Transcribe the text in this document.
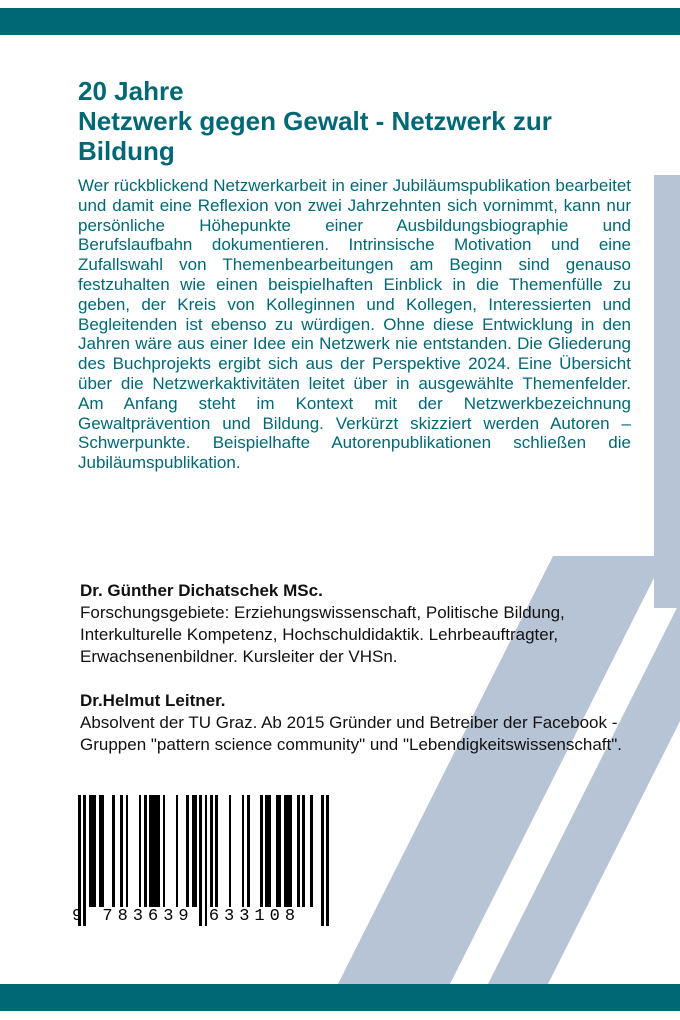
20 Jahre
Netzwerk gegen Gewalt - Netzwerk zur Bildung
Wer rückblickend Netzwerkarbeit in einer Jubiläumspublikation bearbeitet und damit eine Reflexion von zwei Jahrzehnten sich vornimmt, kann nur persönliche Höhepunkte einer Ausbildungsbiographie und Berufslaufbahn dokumentieren. Intrinsische Motivation und eine Zufallswahl von Themenbearbeitungen am Beginn sind genauso festzuhalten wie einen beispielhaften Einblick in die Themenfülle zu geben, der Kreis von Kolleginnen und Kollegen, Interessierten und Begleitenden ist ebenso zu würdigen. Ohne diese Entwicklung in den Jahren wäre aus einer Idee ein Netzwerk nie entstanden. Die Gliederung des Buchprojekts ergibt sich aus der Perspektive 2024. Eine Übersicht über die Netzwerkaktivitäten leitet über in ausgewählte Themenfelder. Am Anfang steht im Kontext mit der Netzwerkbezeichnung Gewaltprävention und Bildung. Verkürzt skizziert werden Autoren – Schwerpunkte. Beispielhafte Autorenpublikationen schließen die Jubiläumspublikation.
Dr. Günther Dichatschek MSc.
Forschungsgebiete: Erziehungswissenschaft, Politische Bildung, Interkulturelle Kompetenz, Hochschuldidaktik. Lehrbeauftragter, Erwachsenenbildner. Kursleiter der VHSn.
Dr.Helmut Leitner.
Absolvent der TU Graz. Ab 2015 Gründer und Betreiber der Facebook - Gruppen "pattern science community" und "Lebendigkeitswissenschaft".
9 783639 633108
